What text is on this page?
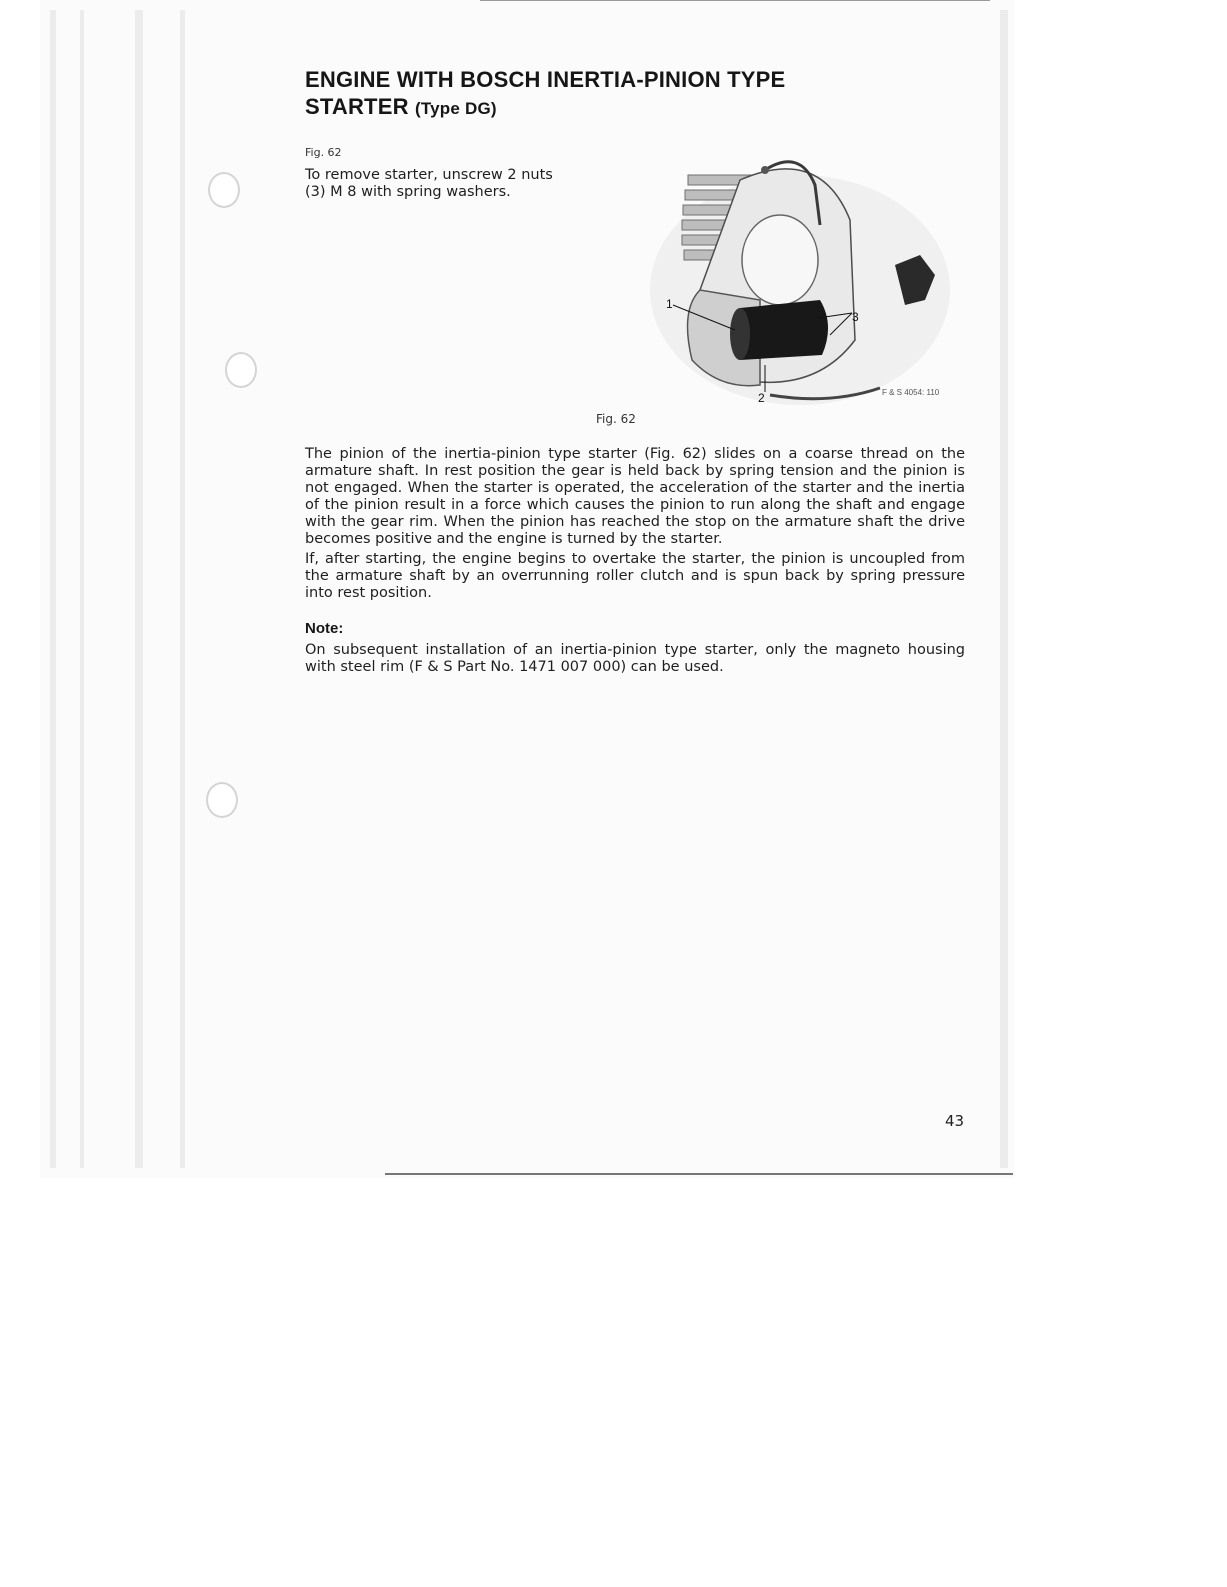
ENGINE WITH BOSCH INERTIA-PINION TYPE
STARTER (Type DG)
Fig. 62
To remove starter, unscrew 2 nuts (3) M 8 with spring washers.
1
2
3
F & S 4054: 110
Fig. 62

The pinion of the inertia-pinion type starter (Fig. 62) slides on a coarse thread on the armature shaft. In rest position the gear is held back by spring tension and the pinion is not engaged. When the starter is operated, the acceleration of the starter and the inertia of the pinion result in a force which causes the pinion to run along the shaft and engage with the gear rim. When the pinion has reached the stop on the armature shaft the drive becomes positive and the engine is turned by the starter.

If, after starting, the engine begins to overtake the starter, the pinion is uncoupled from the armature shaft by an overrunning roller clutch and is spun back by spring pressure into rest position.

Note:

On subsequent installation of an inertia-pinion type starter, only the magneto housing with steel rim (F & S Part No. 1471 007 000) can be used.

43
